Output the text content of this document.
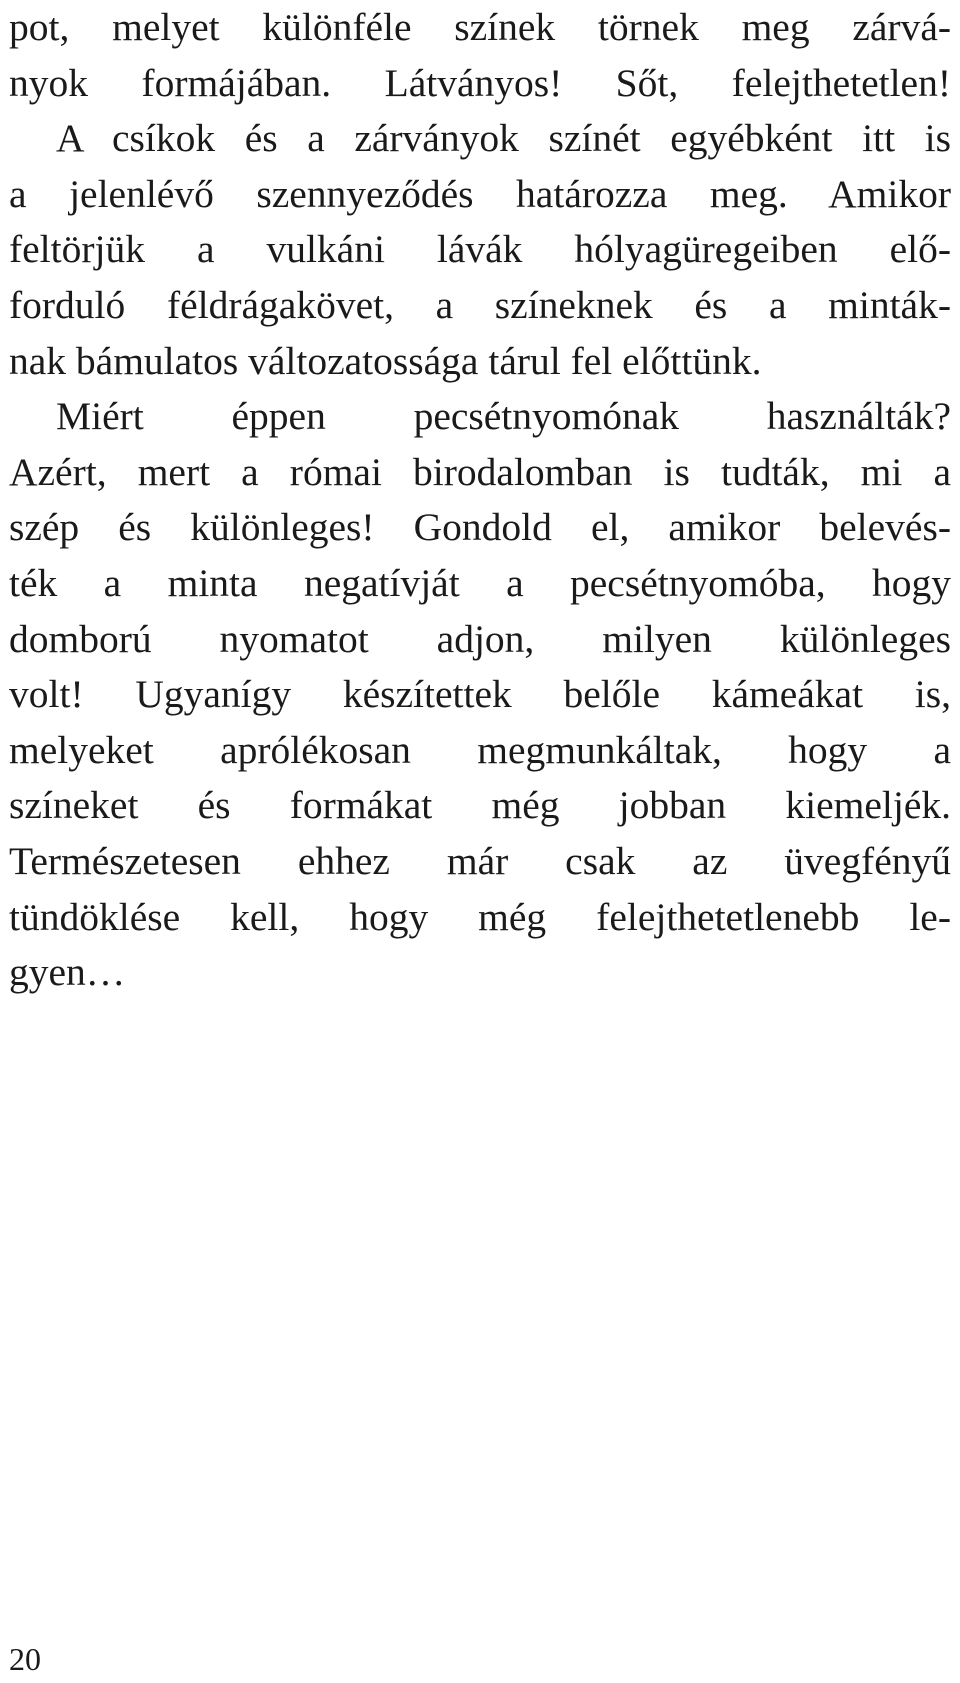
pot, melyet különféle színek törnek meg zárvá-
nyok formájában. Látványos! Sőt, felejthetetlen!
A csíkok és a zárványok színét egyébként itt is
a jelenlévő szennyeződés határozza meg. Amikor
feltörjük a vulkáni lávák hólyagüregeiben elő-
forduló féldrágakövet, a színeknek és a minták-
nak bámulatos változatossága tárul fel előttünk.
Miért éppen pecsétnyomónak használták?
Azért, mert a római birodalomban is tudták, mi a
szép és különleges! Gondold el, amikor belevés-
ték a minta negatívját a pecsétnyomóba, hogy
domború nyomatot adjon, milyen különleges
volt! Ugyanígy készítettek belőle kámeákat is,
melyeket aprólékosan megmunkáltak, hogy a
színeket és formákat még jobban kiemeljék.
Természetesen ehhez már csak az üvegfényű
tündöklése kell, hogy még felejthetetlenebb le-
gyen…
20
